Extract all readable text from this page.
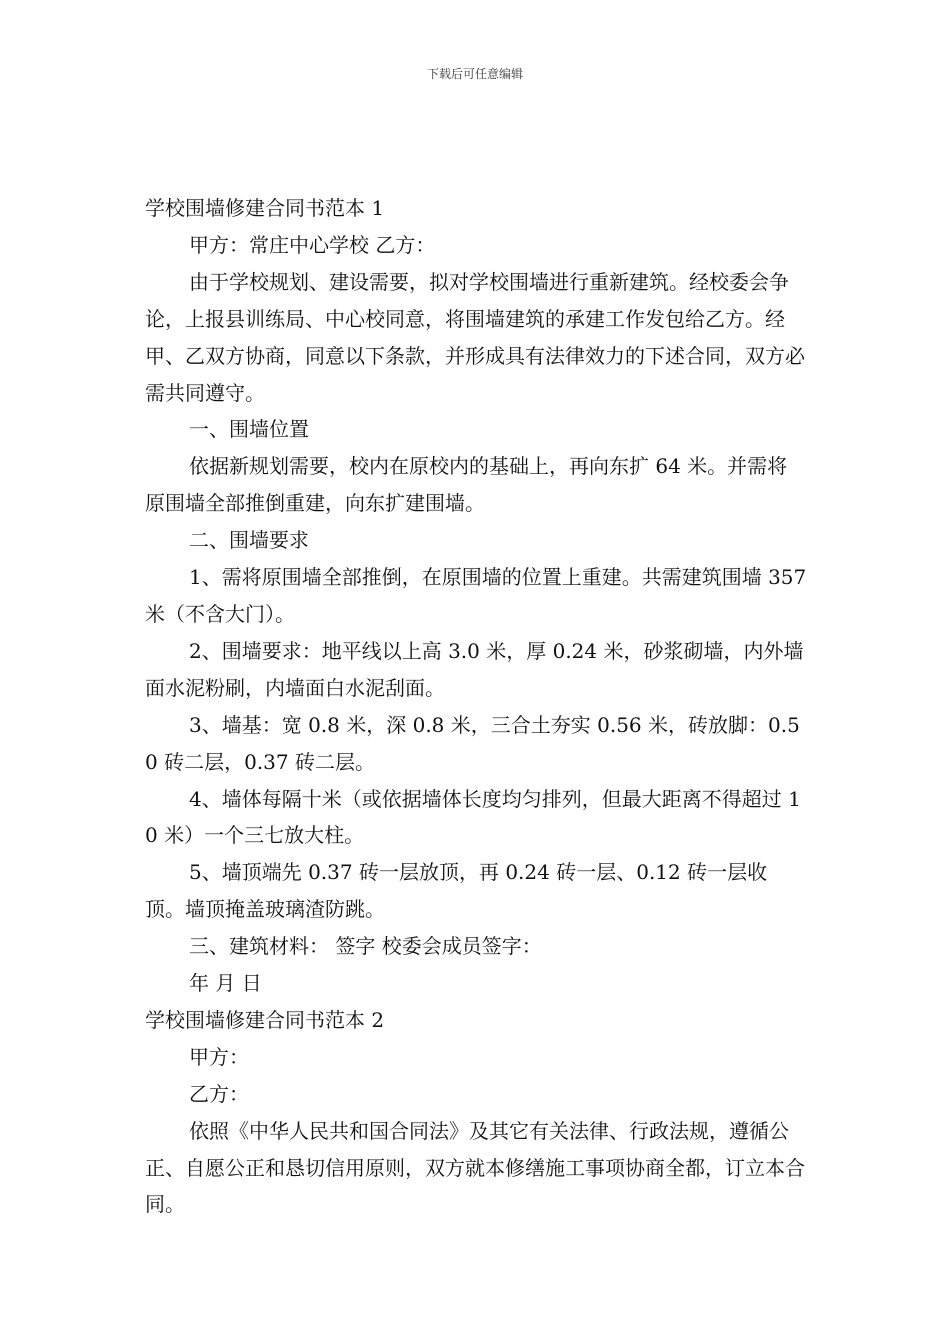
下载后可任意编辑

学校围墙修建合同书范本 1

甲方：常庄中心学校 乙方：

由于学校规划、建设需要，拟对学校围墙进行重新建筑。经校委会争论，上报县训练局、中心校同意，将围墙建筑的承建工作发包给乙方。经甲、乙双方协商，同意以下条款，并形成具有法律效力的下述合同，双方必需共同遵守。

一、围墙位置

依据新规划需要，校内在原校内的基础上，再向东扩 64 米。并需将原围墙全部推倒重建，向东扩建围墙。

二、围墙要求

1、需将原围墙全部推倒，在原围墙的位置上重建。共需建筑围墙 357 米（不含大门）。

2、围墙要求：地平线以上高 3.0 米，厚 0.24 米，砂浆砌墙，内外墙面水泥粉刷，内墙面白水泥刮面。

3、墙基：宽 0.8 米，深 0.8 米，三合土夯实 0.56 米，砖放脚：0.50 砖二层，0.37 砖二层。

4、墙体每隔十米（或依据墙体长度均匀排列，但最大距离不得超过 10 米）一个三七放大柱。

5、墙顶端先 0.37 砖一层放顶，再 0.24 砖一层、0.12 砖一层收顶。墙顶掩盖玻璃渣防跳。

三、建筑材料： 签字 校委会成员签字：

年 月 日

学校围墙修建合同书范本 2

甲方：

乙方：

依照《中华人民共和国合同法》及其它有关法律、行政法规，遵循公正、自愿公正和恳切信用原则，双方就本修缮施工事项协商全都，订立本合同。
